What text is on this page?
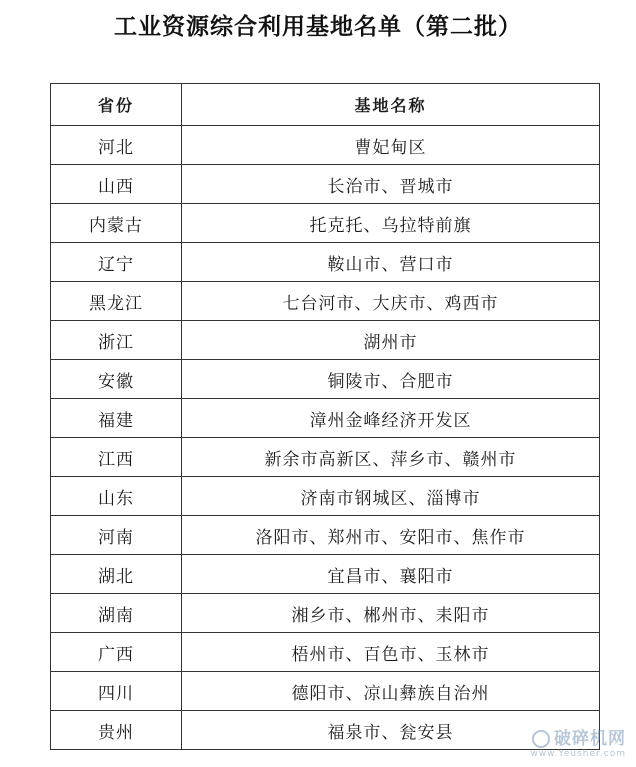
工业资源综合利用基地名单（第二批）
省份	基地名称
河北	曹妃甸区
山西	长治市、晋城市
内蒙古	托克托、乌拉特前旗
辽宁	鞍山市、营口市
黑龙江	七台河市、大庆市、鸡西市
浙江	湖州市
安徽	铜陵市、合肥市
福建	漳州金峰经济开发区
江西	新余市高新区、萍乡市、赣州市
山东	济南市钢城区、淄博市
河南	洛阳市、郑州市、安阳市、焦作市
湖北	宜昌市、襄阳市
湖南	湘乡市、郴州市、耒阳市
广西	梧州市、百色市、玉林市
四川	德阳市、凉山彝族自治州
贵州	福泉市、瓮安县	破碎机网
www.Yeusher.com
